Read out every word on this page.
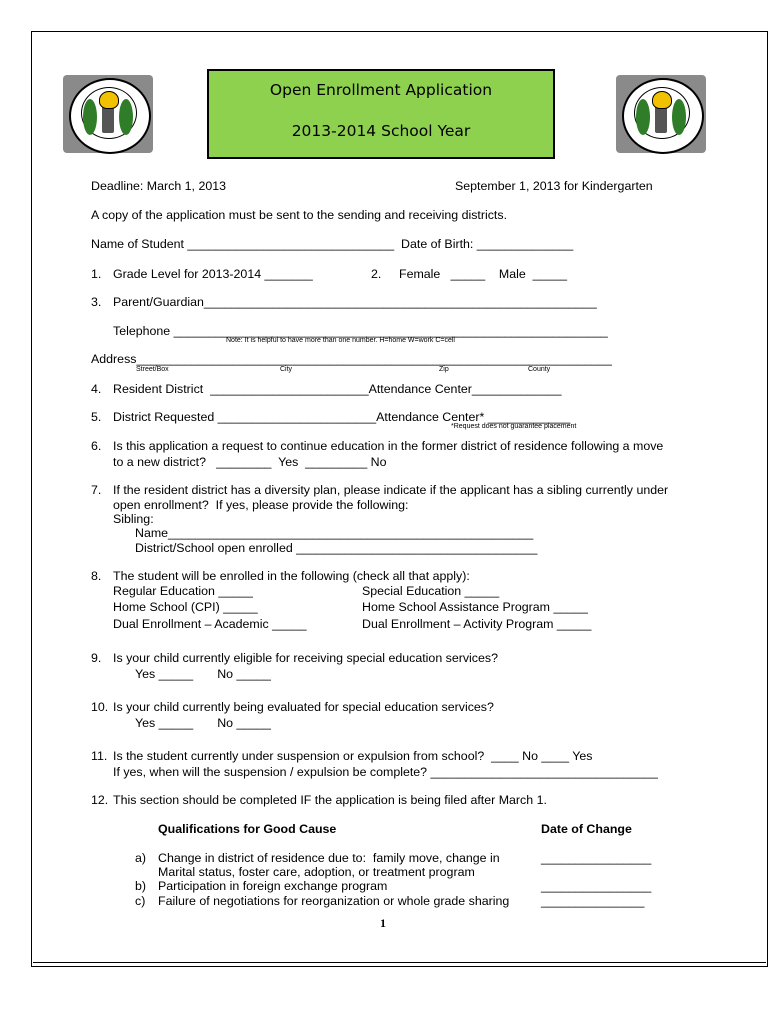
Open Enrollment Application
2013-2014 School Year
Deadline: March 1, 2013	September 1, 2013 for Kindergarten
A copy of the application must be sent to the sending and receiving districts.
Name of Student ______________________________  Date of Birth: ______________
1. Grade Level for 2013-2014 _______	2. Female   _____    Male  _____
3. Parent/Guardian_________________________________________________________
Telephone _______________________________________________________________
Note: It is helpful to have more than one number. H=home W=work C=cell
Address_____________________________________________________________________
Street/Box	City	Zip	County
4. Resident District  _______________________Attendance Center_____________
5. District Requested _______________________Attendance Center* ____________
*Request does not guarantee placement
6. Is this application a request to continue education in the former district of residence following a move
to a new district?   ________  Yes  _________ No
7. If the resident district has a diversity plan, please indicate if the applicant has a sibling currently under
open enrollment?  If yes, please provide the following:
Sibling:
Name_____________________________________________________
District/School open enrolled ___________________________________
8. The student will be enrolled in the following (check all that apply):
Regular Education _____	Special Education _____
Home School (CPI) _____	Home School Assistance Program _____
Dual Enrollment – Academic _____	Dual Enrollment – Activity Program _____
9. Is your child currently eligible for receiving special education services?
Yes _____       No _____
10. Is your child currently being evaluated for special education services?
Yes _____       No _____
11. Is the student currently under suspension or expulsion from school?  ____ No ____ Yes
If yes, when will the suspension / expulsion be complete? _________________________________
12. This section should be completed IF the application is being filed after March 1.
Qualifications for Good Cause	Date of Change
a) Change in district of residence due to:  family move, change in
Marital status, foster care, adoption, or treatment program
________________
b) Participation in foreign exchange program	________________
c) Failure of negotiations for reorganization or whole grade sharing	_______________
1
